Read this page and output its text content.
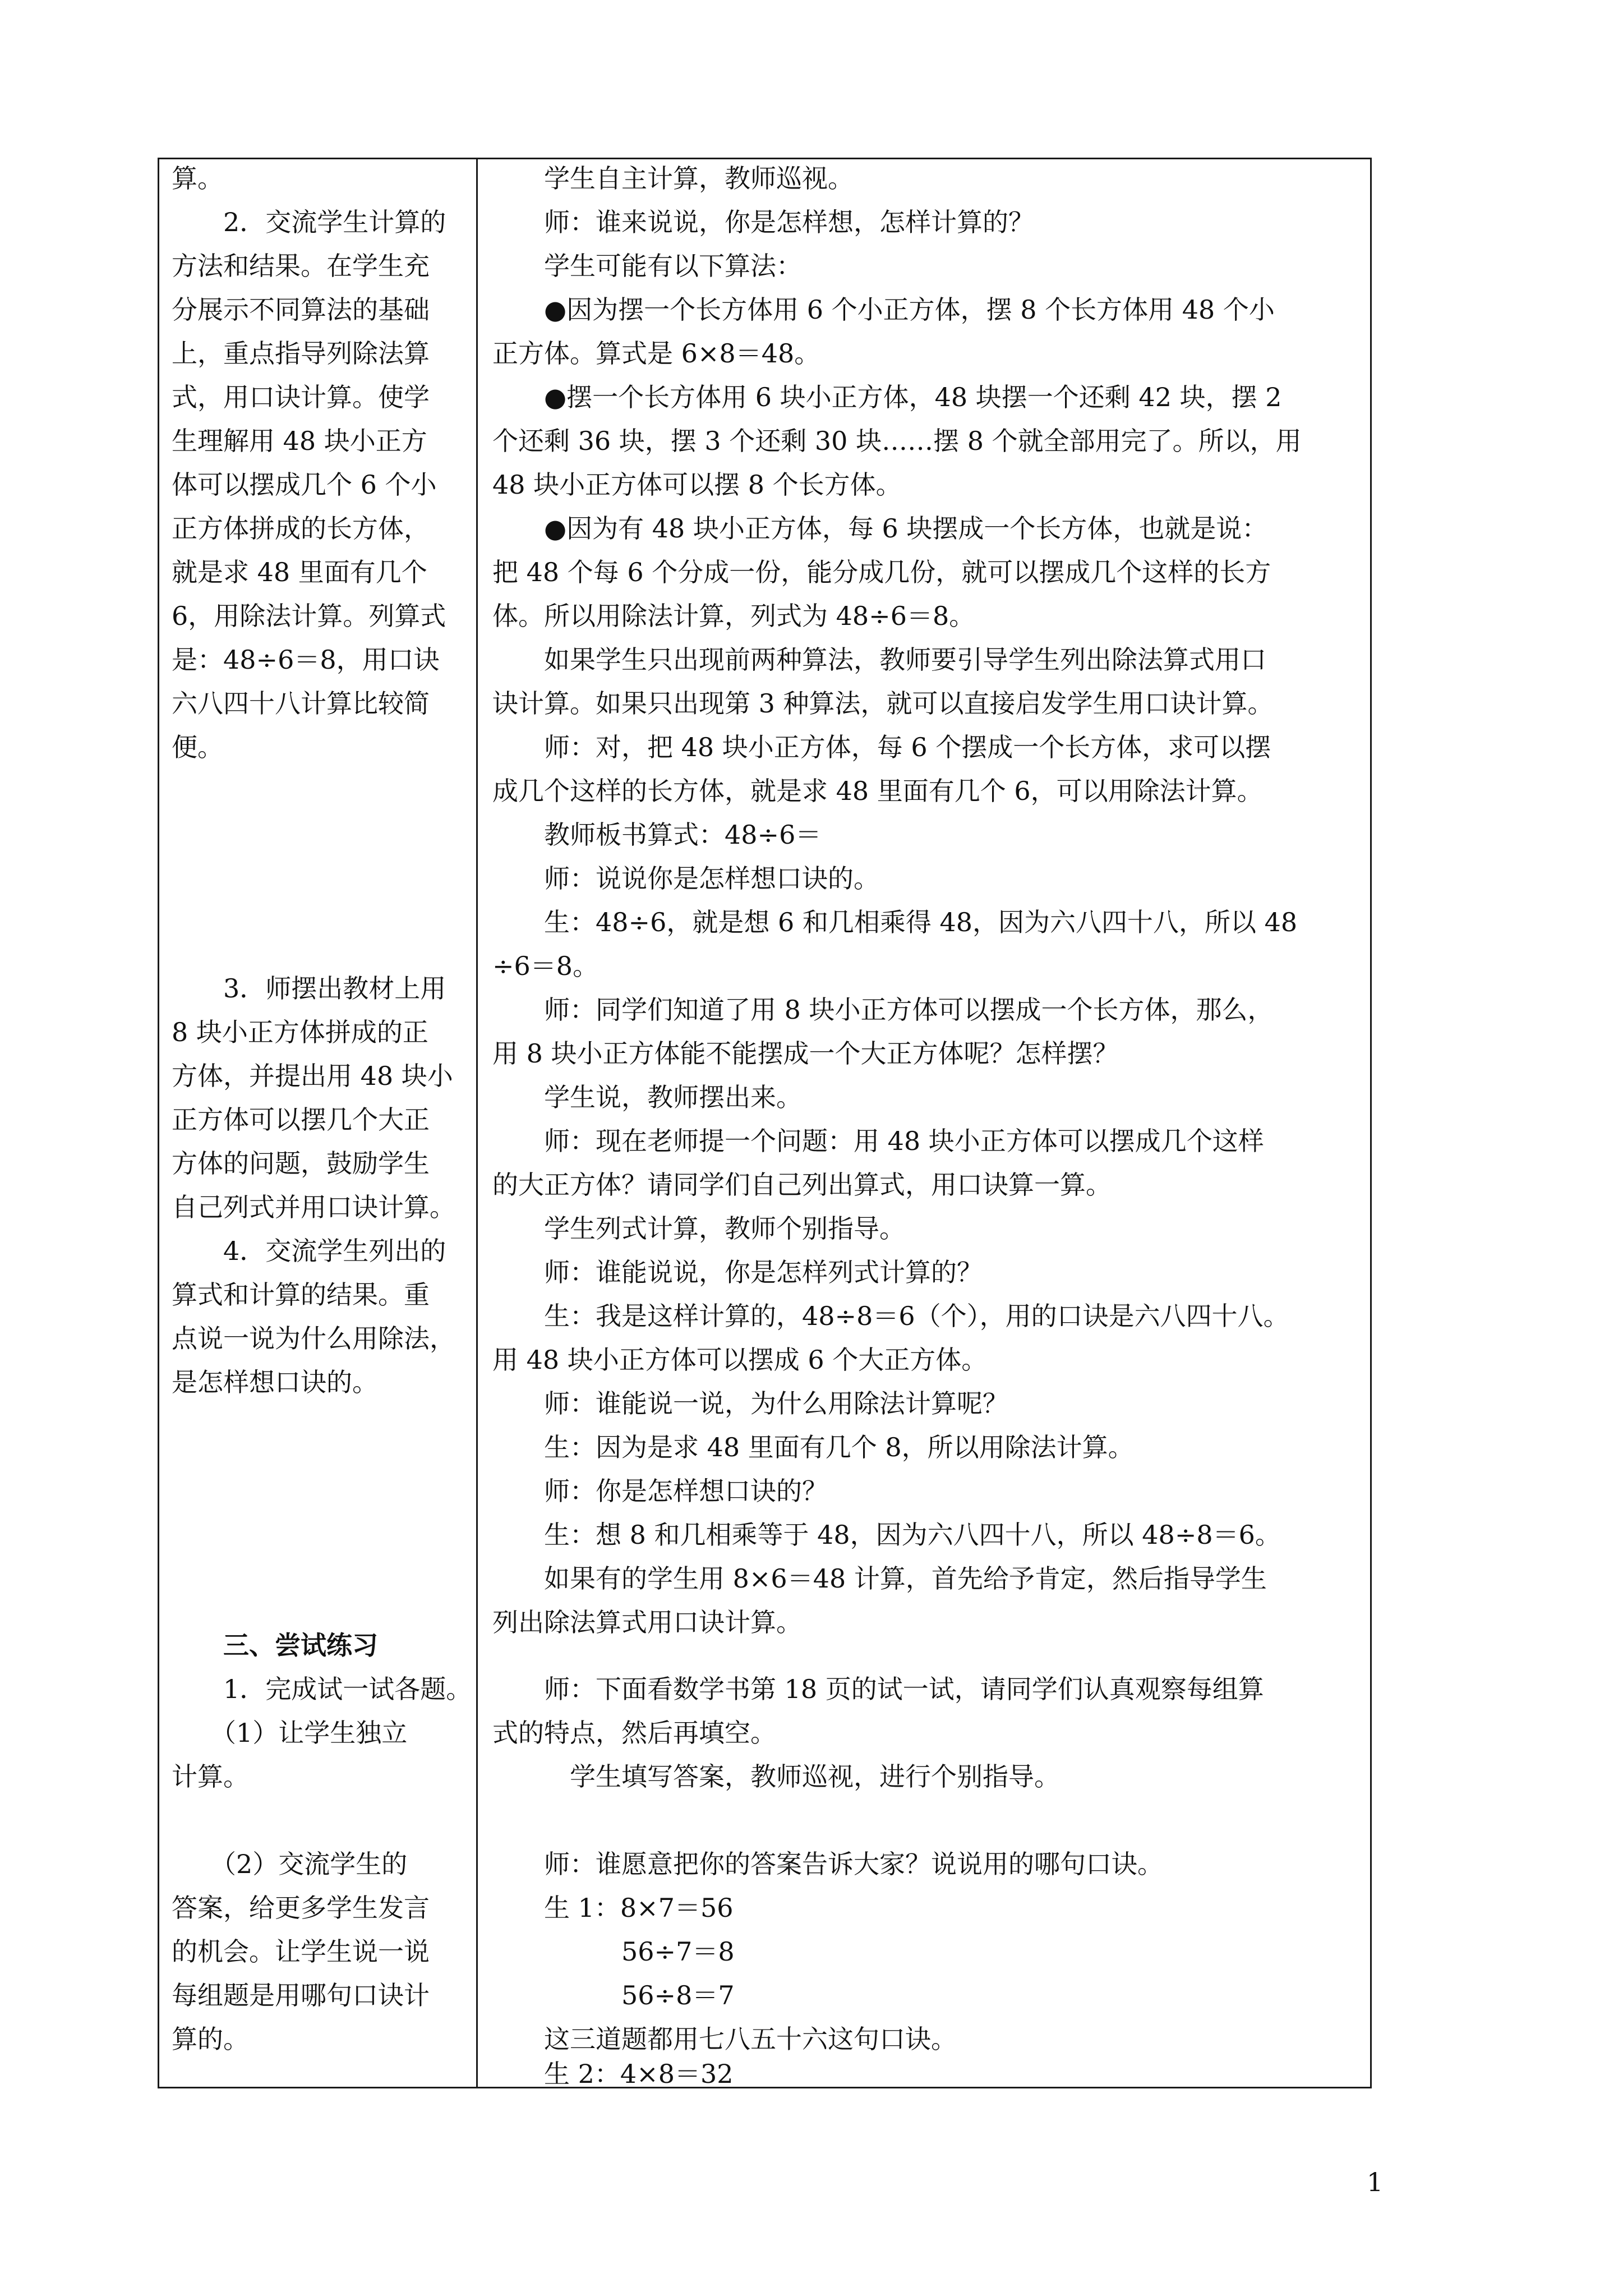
算。
　　2．交流学生计算的
方法和结果。在学生充
分展示不同算法的基础
上，重点指导列除法算
式，用口诀计算。使学
生理解用 48 块小正方
体可以摆成几个 6 个小
正方体拼成的长方体，
就是求 48 里面有几个
6，用除法计算。列算式
是：48÷6＝8，用口诀
六八四十八计算比较简
便。
　　3．师摆出教材上用
8 块小正方体拼成的正
方体，并提出用 48 块小
正方体可以摆几个大正
方体的问题，鼓励学生
自己列式并用口诀计算。
　　4．交流学生列出的
算式和计算的结果。重
点说一说为什么用除法，
是怎样想口诀的。
　　三、尝试练习
　　1．完成试一试各题。
　　（1）让学生独立
计算。
　　（2）交流学生的
答案，给更多学生发言
的机会。让学生说一说
每组题是用哪句口诀计
算的。
　　学生自主计算，教师巡视。
　　师：谁来说说，你是怎样想，怎样计算的？
　　学生可能有以下算法：
　　●因为摆一个长方体用 6 个小正方体，摆 8 个长方体用 48 个小
正方体。算式是 6×8＝48。
　　●摆一个长方体用 6 块小正方体，48 块摆一个还剩 42 块，摆 2
个还剩 36 块，摆 3 个还剩 30 块……摆 8 个就全部用完了。所以，用
48 块小正方体可以摆 8 个长方体。
　　●因为有 48 块小正方体，每 6 块摆成一个长方体，也就是说：
把 48 个每 6 个分成一份，能分成几份，就可以摆成几个这样的长方
体。所以用除法计算，列式为 48÷6＝8。
　　如果学生只出现前两种算法，教师要引导学生列出除法算式用口
诀计算。如果只出现第 3 种算法，就可以直接启发学生用口诀计算。
　　师：对，把 48 块小正方体，每 6 个摆成一个长方体，求可以摆
成几个这样的长方体，就是求 48 里面有几个 6，可以用除法计算。
　　教师板书算式：48÷6＝
　　师：说说你是怎样想口诀的。
　　生：48÷6，就是想 6 和几相乘得 48，因为六八四十八，所以 48
÷6＝8。
　　师：同学们知道了用 8 块小正方体可以摆成一个长方体，那么，
用 8 块小正方体能不能摆成一个大正方体呢？怎样摆？
　　学生说，教师摆出来。
　　师：现在老师提一个问题：用 48 块小正方体可以摆成几个这样
的大正方体？请同学们自己列出算式，用口诀算一算。
　　学生列式计算，教师个别指导。
　　师：谁能说说，你是怎样列式计算的？
　　生：我是这样计算的，48÷8＝6（个），用的口诀是六八四十八。
用 48 块小正方体可以摆成 6 个大正方体。
　　师：谁能说一说，为什么用除法计算呢？
　　生：因为是求 48 里面有几个 8，所以用除法计算。
　　师：你是怎样想口诀的？
　　生：想 8 和几相乘等于 48，因为六八四十八，所以 48÷8＝6。
　　如果有的学生用 8×6＝48 计算，首先给予肯定，然后指导学生
列出除法算式用口诀计算。
　　师：下面看数学书第 18 页的试一试，请同学们认真观察每组算
式的特点，然后再填空。
　　　学生填写答案，教师巡视，进行个别指导。
　　师：谁愿意把你的答案告诉大家？说说用的哪句口诀。
　　生 1：8×7＝56
　　　　　56÷7＝8
　　　　　56÷8＝7
　　这三道题都用七八五十六这句口诀。
　　生 2：4×8＝32
1
